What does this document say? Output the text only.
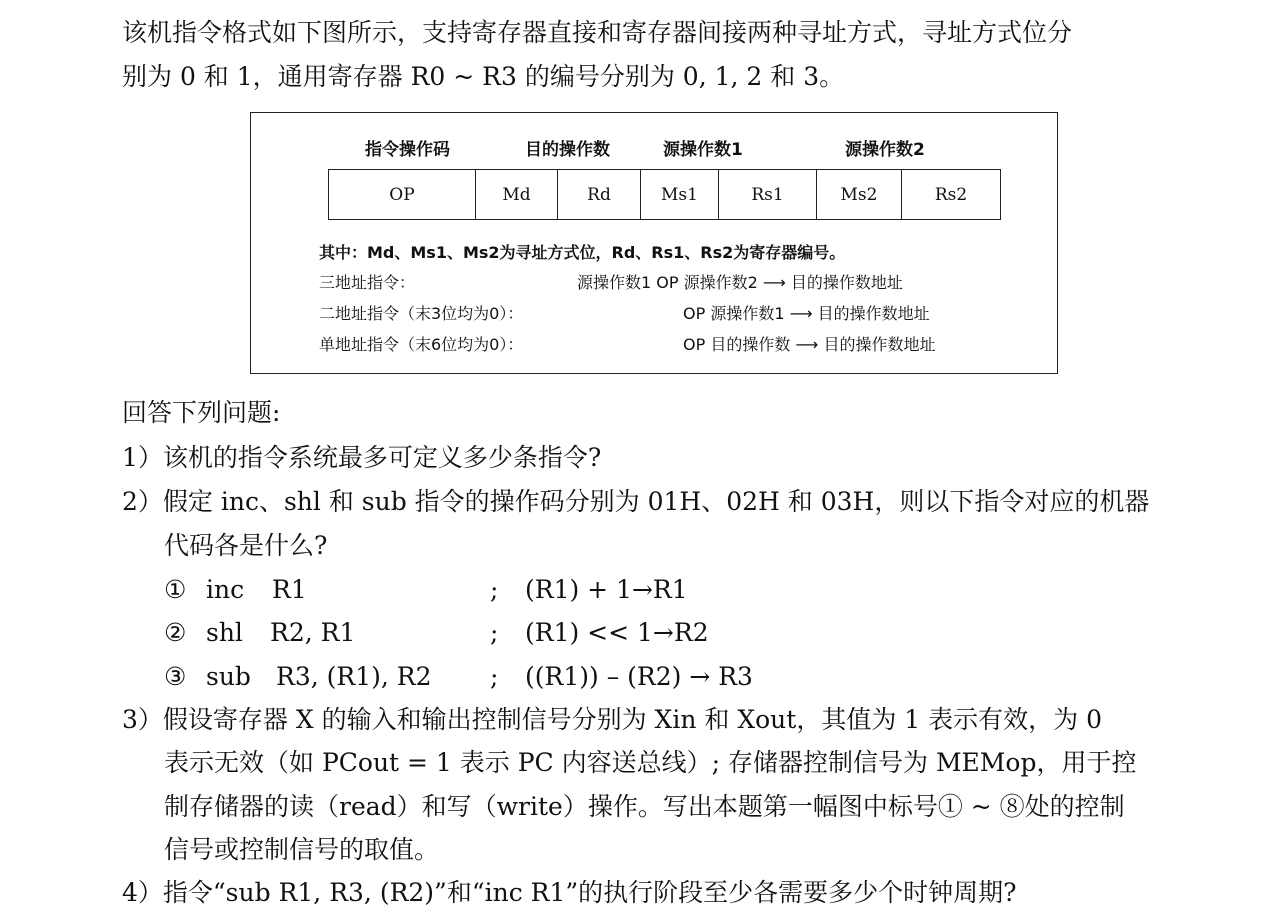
该机指令格式如下图所示，支持寄存器直接和寄存器间接两种寻址方式，寻址方式位分
别为 0 和 1，通用寄存器 R0 ~ R3 的编号分别为 0, 1, 2 和 3。
指令操作码	目的操作数	源操作数1	源操作数2
OP	Md	Rd	Ms1	Rs1	Ms2	Rs2
其中：Md、Ms1、Ms2为寻址方式位，Rd、Rs1、Rs2为寄存器编号。
三地址指令：	源操作数1 OP 源操作数2 ⟶ 目的操作数地址
二地址指令（末3位均为0）：	OP 源操作数1 ⟶ 目的操作数地址
单地址指令（末6位均为0）：	OP 目的操作数 ⟶ 目的操作数地址
回答下列问题:
1）该机的指令系统最多可定义多少条指令?
2）假定 inc、shl 和 sub 指令的操作码分别为 01H、02H 和 03H，则以下指令对应的机器
代码各是什么?
① inc R1	; (R1) + 1→R1
② shl R2, R1	; (R1) << 1→R2
③ sub R3, (R1), R2 ; ((R1)) – (R2) → R3
3）假设寄存器 X 的输入和输出控制信号分别为 Xin 和 Xout，其值为 1 表示有效，为 0
表示无效（如 PCout = 1 表示 PC 内容送总线）; 存储器控制信号为 MEMop，用于控
制存储器的读（read）和写（write）操作。写出本题第一幅图中标号① ~ ⑧处的控制
信号或控制信号的取值。
4）指令“sub R1, R3, (R2)”和“inc R1”的执行阶段至少各需要多少个时钟周期?
